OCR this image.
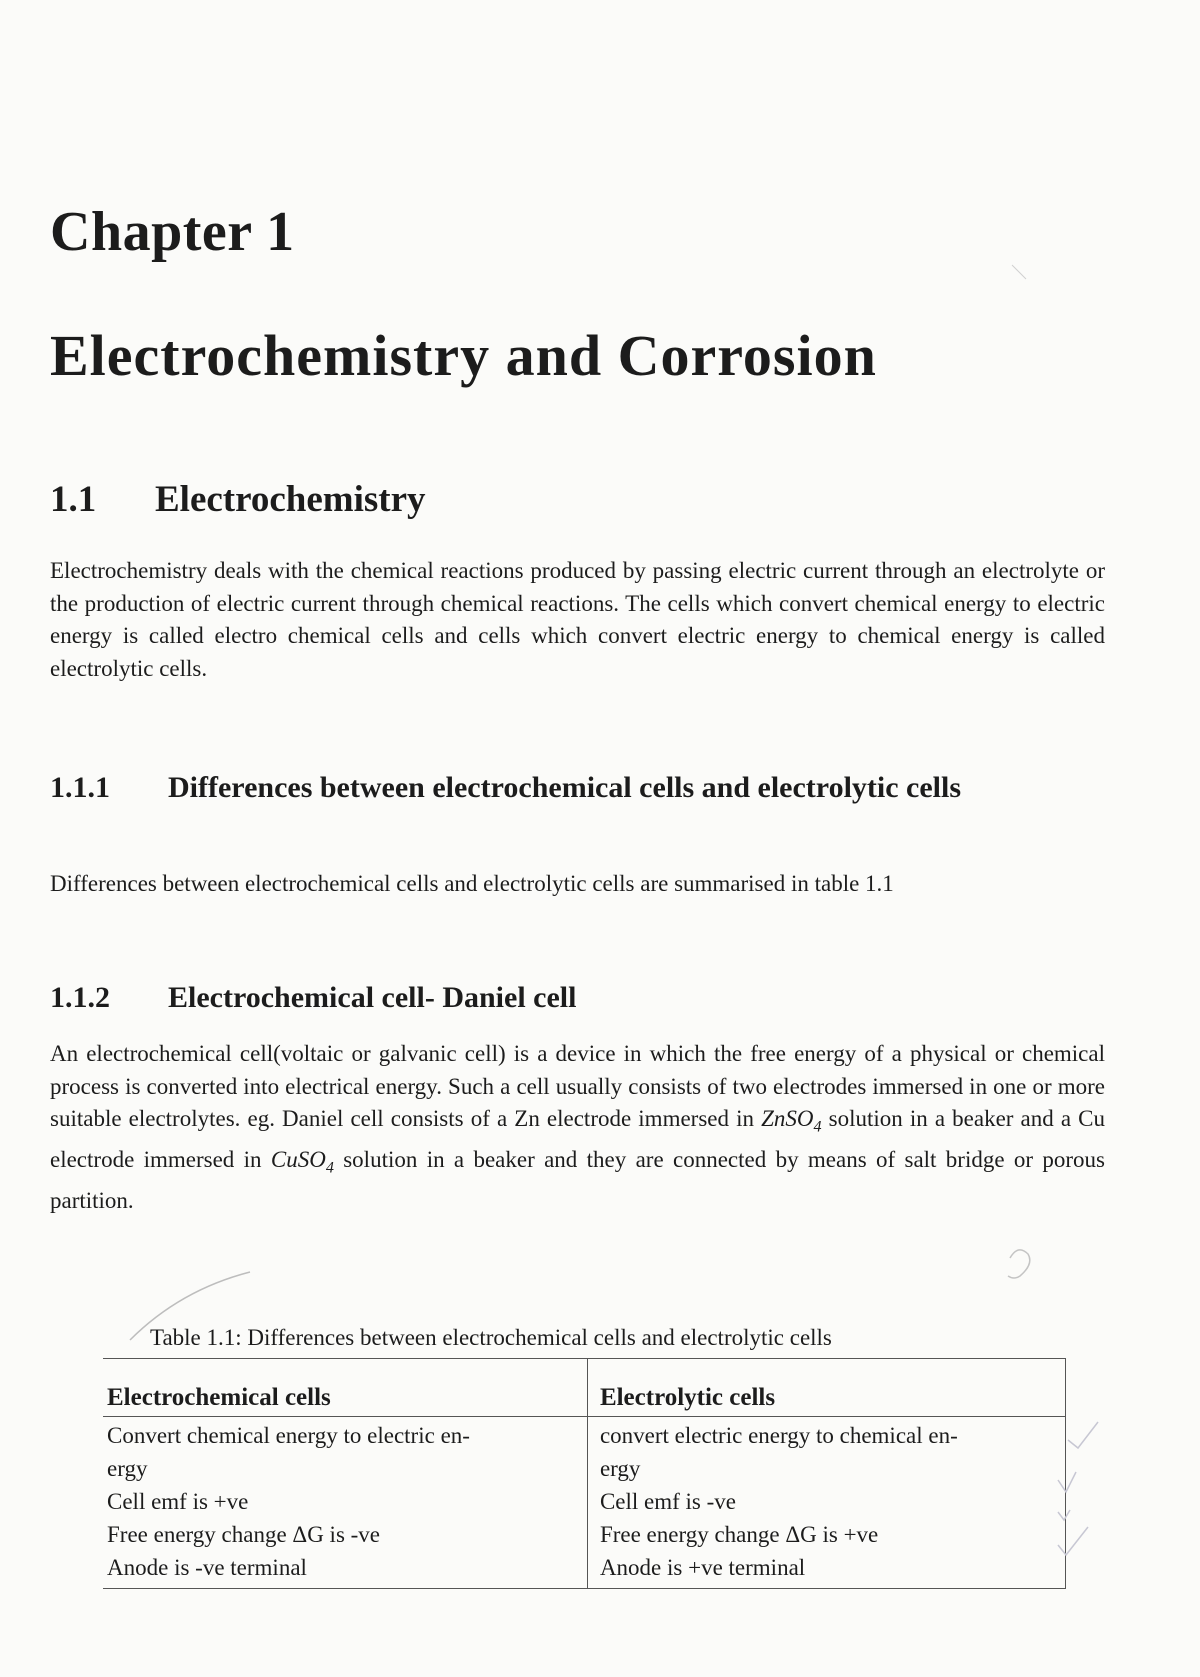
Chapter 1
Electrochemistry and Corrosion
1.1 Electrochemistry
Electrochemistry deals with the chemical reactions produced by passing electric current through an electrolyte or the production of electric current through chemical reactions. The cells which convert chemical energy to electric energy is called electro chemical cells and cells which convert electric energy to chemical energy is called electrolytic cells.
1.1.1 Differences between electrochemical cells and electrolytic cells
Differences between electrochemical cells and electrolytic cells are summarised in table 1.1
1.1.2 Electrochemical cell- Daniel cell
An electrochemical cell(voltaic or galvanic cell) is a device in which the free energy of a physical or chemical process is converted into electrical energy. Such a cell usually consists of two electrodes immersed in one or more suitable electrolytes. eg. Daniel cell consists of a Zn electrode immersed in ZnSO$_4$ solution in a beaker and a Cu electrode immersed in CuSO$_4$ solution in a beaker and they are connected by means of salt bridge or porous partition.
Table 1.1: Differences between electrochemical cells and electrolytic cells
Electrochemical cells	Electrolytic cells
Convert chemical energy to electric en-
ergy
Cell emf is +ve
Free energy change ΔG is -ve
Anode is -ve terminal
convert electric energy to chemical en-
ergy
Cell emf is -ve
Free energy change ΔG is +ve
Anode is +ve terminal
